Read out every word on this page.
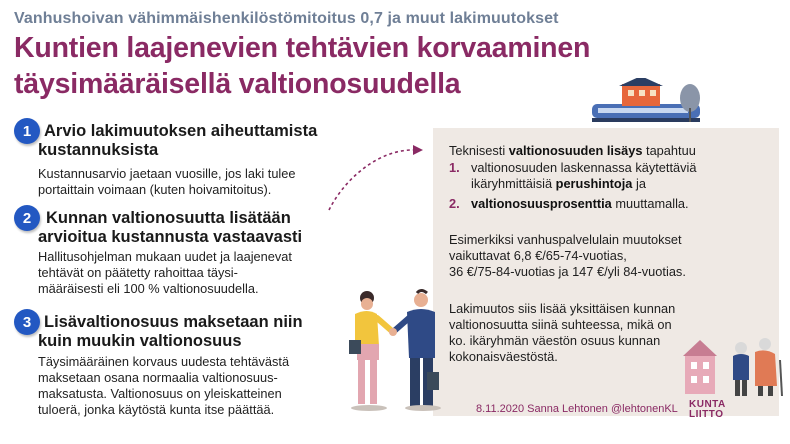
Vanhushoivan vähimmäishenkilöstömitoitus 0,7 ja muut lakimuutokset
Kuntien laajenevien tehtävien korvaaminen
täysimääräisellä valtionosuudella
1 Arvio lakimuutoksen aiheuttamista
kustannuksista
Kustannusarvio jaetaan vuosille, jos laki tulee
portaittain voimaan (kuten hoivamitoitus).
2 Kunnan valtionosuutta lisätään
arvioitua kustannusta vastaavasti
Hallitusohjelman mukaan uudet ja laajenevat
tehtävät on päätetty rahoittaa täysi-
määräisesti eli 100 % valtionosuudella.
3 Lisävaltionosuus maksetaan niin
kuin muukin valtionosuus
Täysimääräinen korvaus uudesta tehtävästä
maksetaan osana normaalia valtionosuus-
maksatusta. Valtionosuus on yleiskatteinen
tuloerä, jonka käytöstä kunta itse päättää.
Teknisesti valtionosuuden lisäys tapahtuu
1. valtionosuuden laskennassa käytettäviä
ikäryhmittäisiä perushintoja ja
2. valtionosuusprosenttia muuttamalla.
Esimerkiksi vanhuspalvelulain muutokset
vaikuttavat 6,8 €/65-74-vuotias,
36 €/75-84-vuotias ja 147 €/yli 84-vuotias.
Lakimuutos siis lisää yksittäisen kunnan
valtionosuutta siinä suhteessa, mikä on
ko. ikäryhmän väestön osuus kunnan
kokonaisväestöstä.
8.11.2020 Sanna Lehtonen @lehtonenKL KUNTA
LIITTO
